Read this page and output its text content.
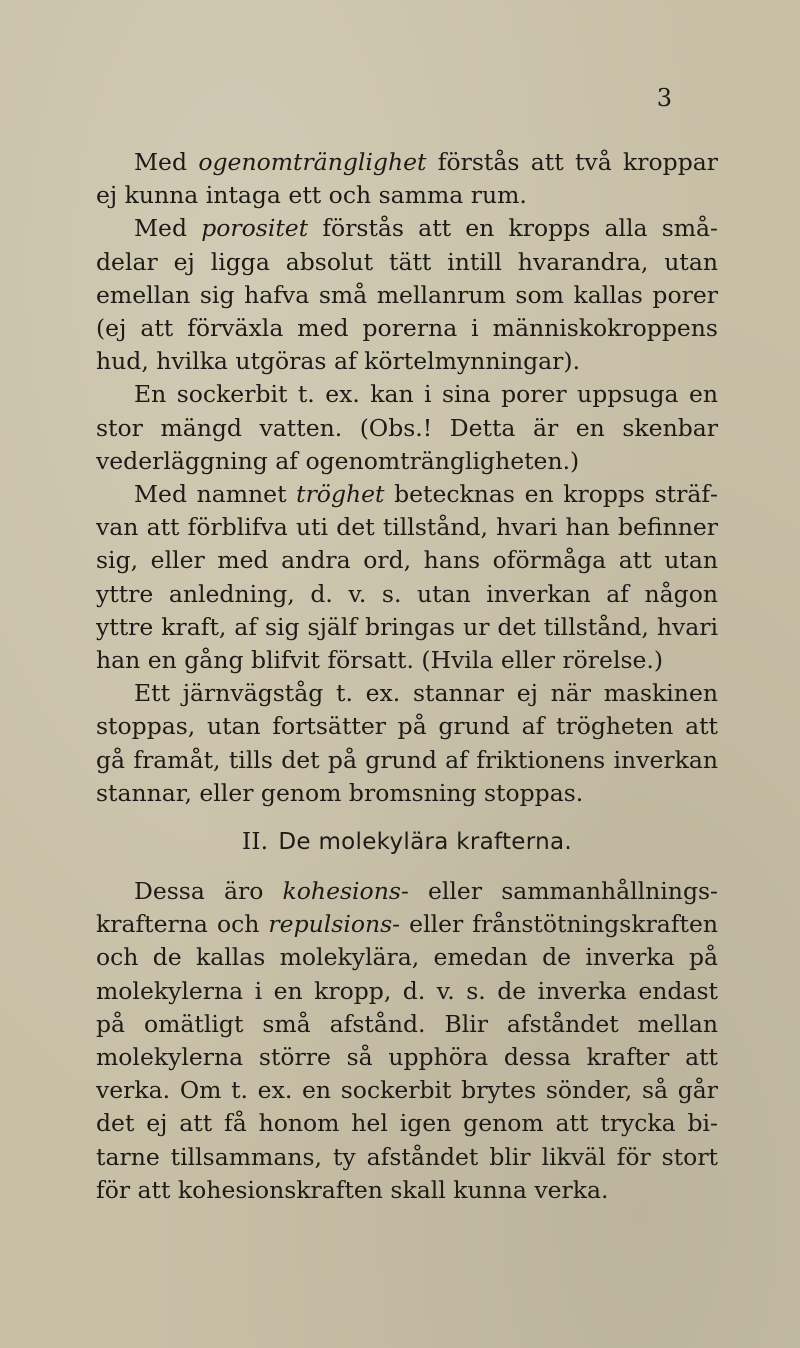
3

Med ogenomtränglighet förstås att två kroppar ej kunna intaga ett och samma rum.

Med porositet förstås att en kropps alla smådelar ej ligga absolut tätt intill hvarandra, utan emellan sig hafva små mellanrum som kallas porer (ej att förväxla med porerna i människokroppens hud, hvilka utgöras af körtelmynningar).

En sockerbit t. ex. kan i sina porer uppsuga en stor mängd vatten. (Obs.! Detta är en skenbar vederläggning af ogenomträngligheten.)

Med namnet tröghet betecknas en kropps sträfvan att förblifva uti det tillstånd, hvari han befinner sig, eller med andra ord, hans oförmåga att utan yttre anledning, d. v. s. utan inverkan af någon yttre kraft, af sig själf bringas ur det tillstånd, hvari han en gång blifvit försatt. (Hvila eller rörelse.)

Ett järnvägståg t. ex. stannar ej när maskinen stoppas, utan fortsätter på grund af trögheten att gå framåt, tills det på grund af friktionens inverkan stannar, eller genom bromsning stoppas.

II. De molekylära krafterna.

Dessa äro kohesions- eller sammanhållningskrafterna och repulsions- eller frånstötningskraften och de kallas molekylära, emedan de inverka på molekylerna i en kropp, d. v. s. de inverka endast på omätligt små afstånd. Blir afståndet mellan molekylerna större så upphöra dessa krafter att verka. Om t. ex. en sockerbit brytes sönder, så går det ej att få honom hel igen genom att trycka bitarne tillsammans, ty afståndet blir likväl för stort för att kohesionskraften skall kunna verka.
